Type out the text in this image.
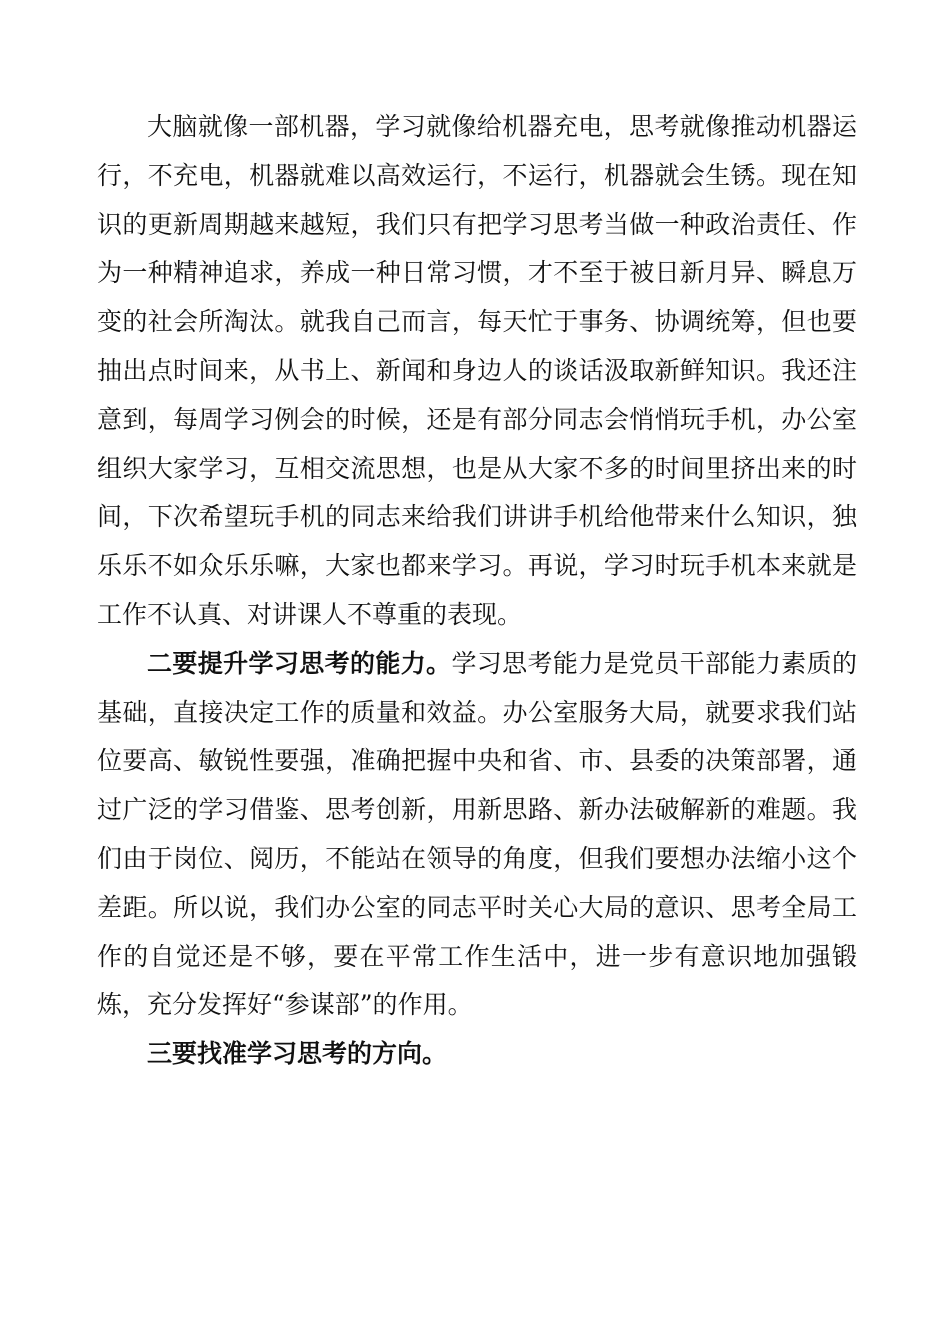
大脑就像一部机器，学习就像给机器充电，思考就像推动机器运行，不充电，机器就难以高效运行，不运行，机器就会生锈。现在知识的更新周期越来越短，我们只有把学习思考当做一种政治责任、作为一种精神追求，养成一种日常习惯，才不至于被日新月异、瞬息万变的社会所淘汰。就我自己而言，每天忙于事务、协调统筹，但也要抽出点时间来，从书上、新闻和身边人的谈话汲取新鲜知识。我还注意到，每周学习例会的时候，还是有部分同志会悄悄玩手机，办公室组织大家学习，互相交流思想，也是从大家不多的时间里挤出来的时间，下次希望玩手机的同志来给我们讲讲手机给他带来什么知识，独乐乐不如众乐乐嘛，大家也都来学习。再说，学习时玩手机本来就是工作不认真、对讲课人不尊重的表现。

二要提升学习思考的能力。学习思考能力是党员干部能力素质的基础，直接决定工作的质量和效益。办公室服务大局，就要求我们站位要高、敏锐性要强，准确把握中央和省、市、县委的决策部署，通过广泛的学习借鉴、思考创新，用新思路、新办法破解新的难题。我们由于岗位、阅历，不能站在领导的角度，但我们要想办法缩小这个差距。所以说，我们办公室的同志平时关心大局的意识、思考全局工作的自觉还是不够，要在平常工作生活中，进一步有意识地加强锻炼，充分发挥好“参谋部”的作用。

三要找准学习思考的方向。
